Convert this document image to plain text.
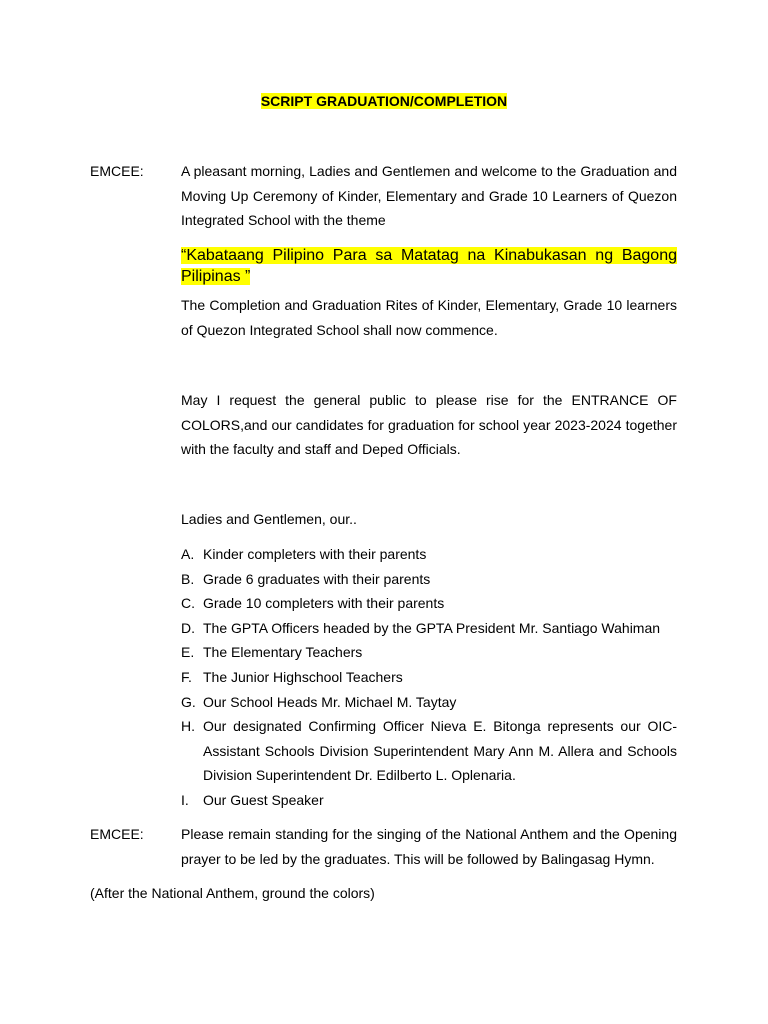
SCRIPT GRADUATION/COMPLETION
EMCEE:	A pleasant morning, Ladies and Gentlemen and welcome to the Graduation and Moving Up Ceremony of Kinder, Elementary and Grade 10 Learners of Quezon Integrated School with the theme
“Kabataang Pilipino Para sa Matatag na Kinabukasan ng Bagong Pilipinas ”
The Completion and Graduation Rites of Kinder, Elementary, Grade 10 learners of Quezon Integrated School shall now commence.
May I request the general public to please rise for the ENTRANCE OF COLORS,and our candidates for graduation for school year 2023-2024 together with the faculty and staff and Deped Officials.
Ladies and Gentlemen, our..
A. Kinder completers with their parents
B. Grade 6 graduates with their parents
C. Grade 10 completers with their parents
D. The GPTA Officers headed by the GPTA President Mr. Santiago Wahiman
E. The Elementary Teachers
F. The Junior Highschool Teachers
G. Our School Heads Mr. Michael M. Taytay
H. Our designated Confirming Officer Nieva E. Bitonga represents our OIC-Assistant Schools Division Superintendent Mary Ann M. Allera and Schools Division Superintendent Dr. Edilberto L. Oplenaria.
I. Our Guest Speaker
EMCEE:	Please remain standing for the singing of the National Anthem and the Opening prayer to be led by the graduates. This will be followed by Balingasag Hymn.
(After the National Anthem, ground the colors)
